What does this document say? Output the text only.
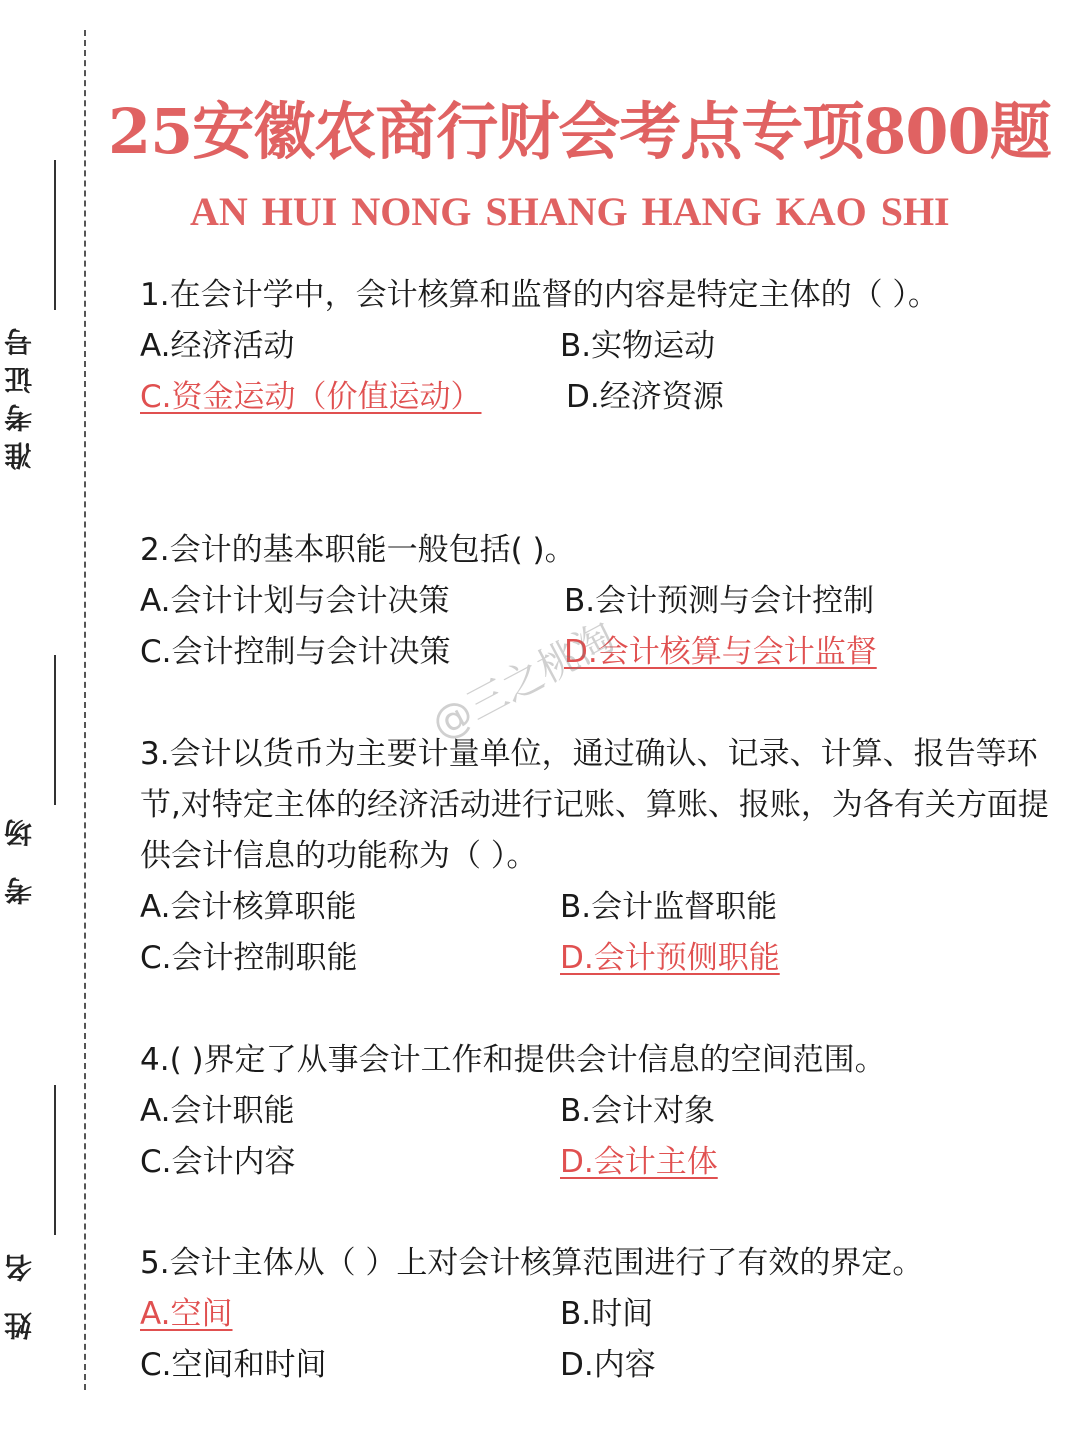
准考证号
考 场
姓 名
25安徽农商行财会考点专项800题
AN HUI NONG SHANG HANG KAO SHI

1.在会计学中，会计核算和监督的内容是特定主体的（ ）。

A.经济活动	B.实物运动
C.资金运动（价值运动）	D.经济资源

2.会计的基本职能一般包括( )。

A.会计计划与会计决策	B.会计预测与会计控制
C.会计控制与会计决策	D.会计核算与会计监督

3.会计以货币为主要计量单位，通过确认、记录、计算、报告等环节,对特定主体的经济活动进行记账、算账、报账，为各有关方面提供会计信息的功能称为（ ）。

A.会计核算职能	B.会计监督职能
C.会计控制职能	D.会计预侧职能

4.( )界定了从事会计工作和提供会计信息的空间范围。

A.会计职能	B.会计对象
C.会计内容	D.会计主体

5.会计主体从（ ）上对会计核算范围进行了有效的界定。

A.空间	B.时间
C.空间和时间	D.内容
@三之桃淘
